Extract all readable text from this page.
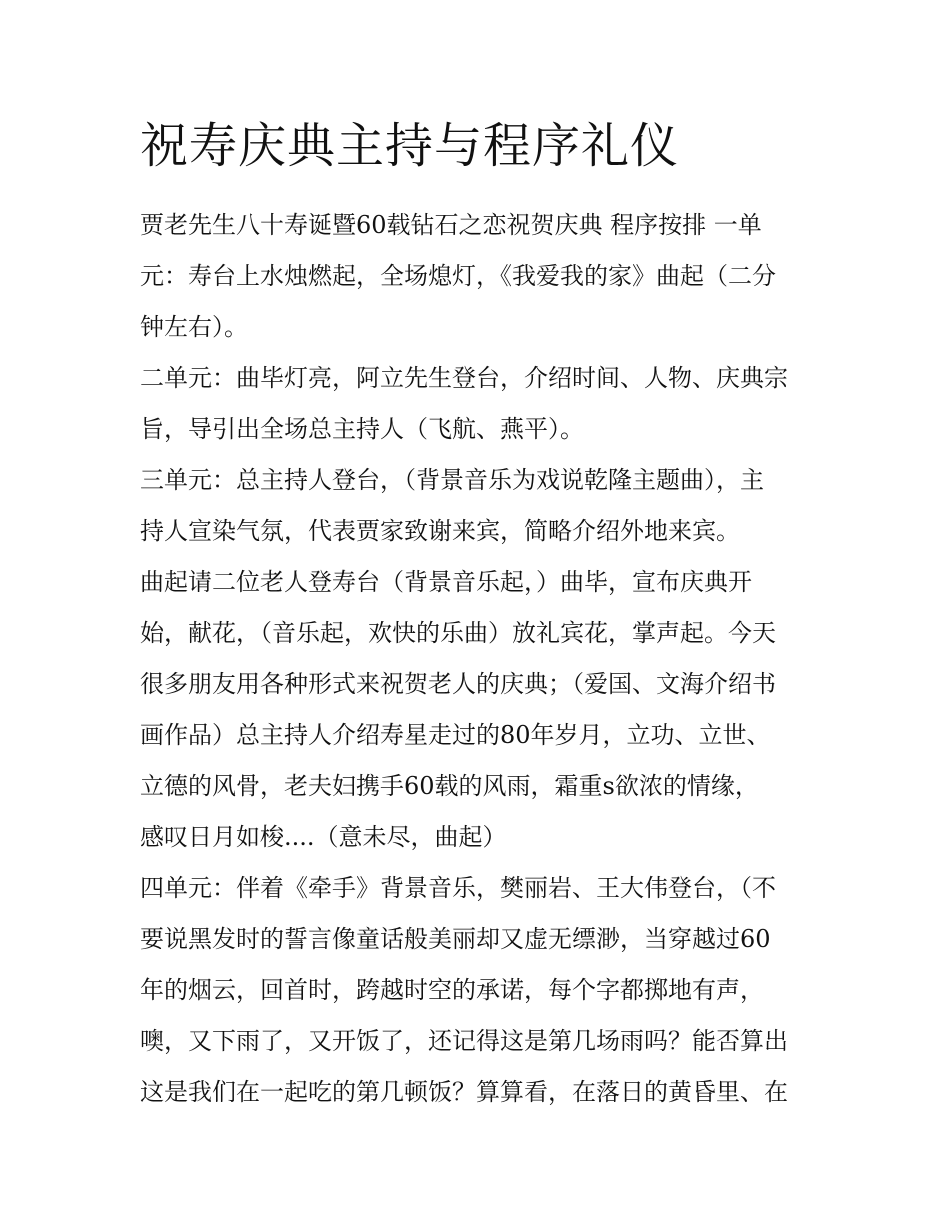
祝寿庆典主持与程序礼仪
贾老先生八十寿诞暨60载钻石之恋祝贺庆典 程序按排 一单
元：寿台上水烛燃起，全场熄灯，《我爱我的家》曲起（二分
钟左右）。
二单元：曲毕灯亮，阿立先生登台，介绍时间、人物、庆典宗
旨，导引出全场总主持人（飞航、燕平）。
三单元：总主持人登台，（背景音乐为戏说乾隆主题曲），主
持人宣染气氛，代表贾家致谢来宾，简略介绍外地来宾。
曲起请二位老人登寿台（背景音乐起，）曲毕，宣布庆典开
始，献花，（音乐起，欢快的乐曲）放礼宾花，掌声起。今天
很多朋友用各种形式来祝贺老人的庆典；（爱国、文海介绍书
画作品）总主持人介绍寿星走过的80年岁月，立功、立世、
立德的风骨，老夫妇携手60载的风雨，霜重s欲浓的情缘，
感叹日月如梭....（意未尽，曲起）
四单元：伴着《牵手》背景音乐，樊丽岩、王大伟登台，（不
要说黑发时的誓言像童话般美丽却又虚无缥渺，当穿越过60
年的烟云，回首时，跨越时空的承诺，每个字都掷地有声，
噢，又下雨了，又开饭了，还记得这是第几场雨吗？能否算出
这是我们在一起吃的第几顿饭？算算看，在落日的黄昏里、在
